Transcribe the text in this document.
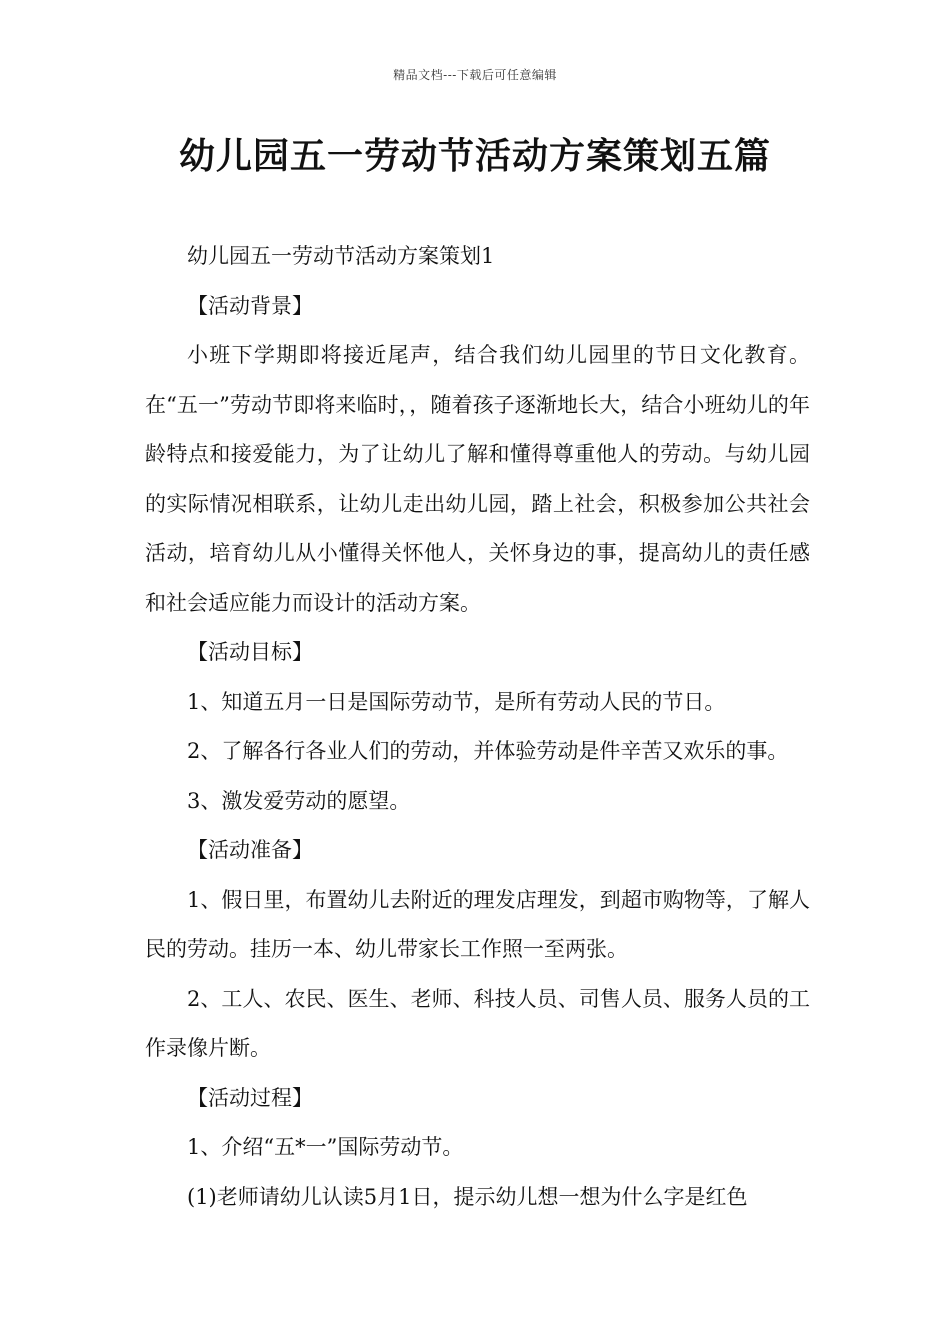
精品文档---下载后可任意编辑
幼儿园五一劳动节活动方案策划五篇

幼儿园五一劳动节活动方案策划1

【活动背景】

小班下学期即将接近尾声，结合我们幼儿园里的节日文化教育。在“五一”劳动节即将来临时，，随着孩子逐渐地长大，结合小班幼儿的年龄特点和接爱能力，为了让幼儿了解和懂得尊重他人的劳动。与幼儿园的实际情况相联系，让幼儿走出幼儿园，踏上社会，积极参加公共社会活动，培育幼儿从小懂得关怀他人，关怀身边的事，提高幼儿的责任感和社会适应能力而设计的活动方案。

【活动目标】

1、知道五月一日是国际劳动节，是所有劳动人民的节日。

2、了解各行各业人们的劳动，并体验劳动是件辛苦又欢乐的事。

3、激发爱劳动的愿望。

【活动准备】

1、假日里，布置幼儿去附近的理发店理发，到超市购物等，了解人民的劳动。挂历一本、幼儿带家长工作照一至两张。

2、工人、农民、医生、老师、科技人员、司售人员、服务人员的工作录像片断。

【活动过程】

1、介绍“五*一”国际劳动节。

(1)老师请幼儿认读5月1日，提示幼儿想一想为什么字是红色
